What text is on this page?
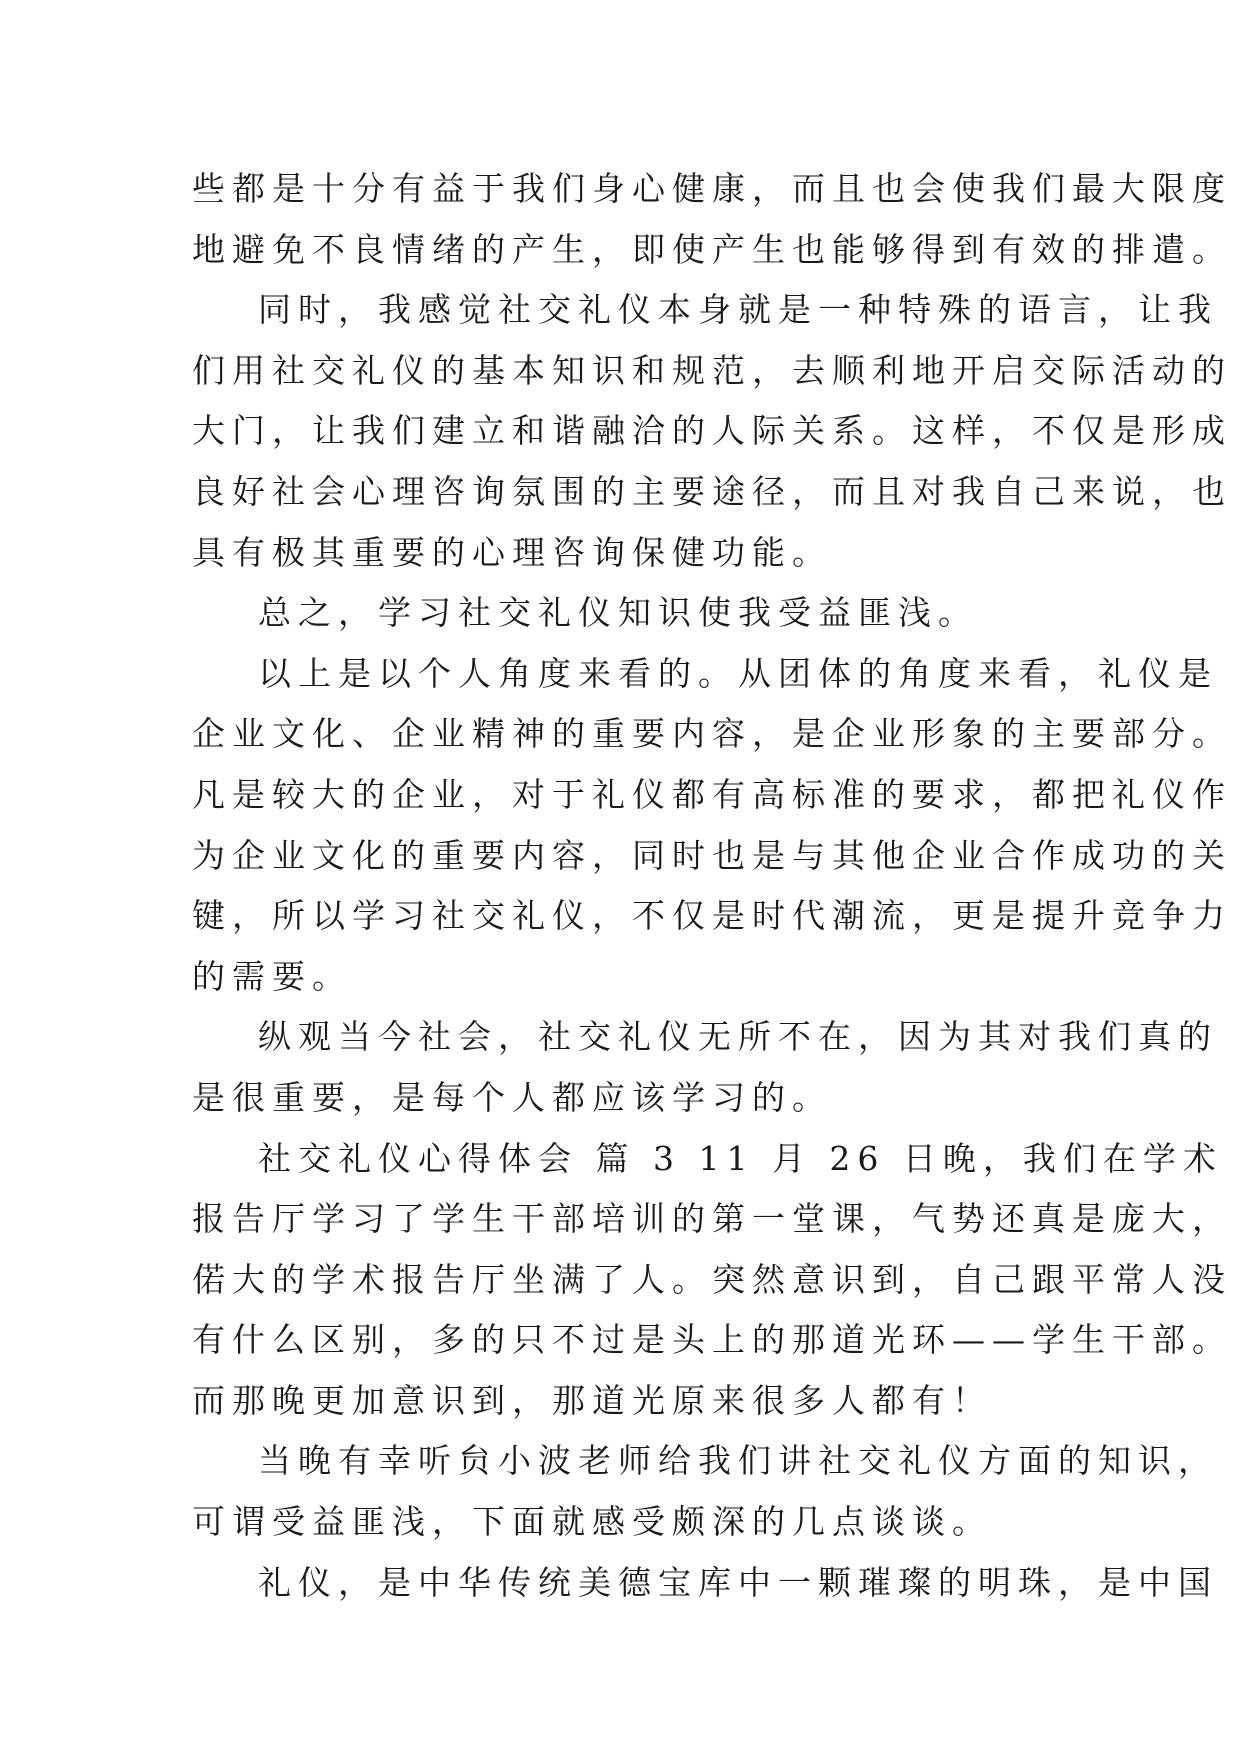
些都是十分有益于我们身心健康，而且也会使我们最大限度
地避免不良情绪的产生，即使产生也能够得到有效的排遣。
同时，我感觉社交礼仪本身就是一种特殊的语言，让我
们用社交礼仪的基本知识和规范，去顺利地开启交际活动的
大门，让我们建立和谐融洽的人际关系。这样，不仅是形成
良好社会心理咨询氛围的主要途径，而且对我自己来说，也
具有极其重要的心理咨询保健功能。
总之，学习社交礼仪知识使我受益匪浅。
以上是以个人角度来看的。从团体的角度来看，礼仪是
企业文化、企业精神的重要内容，是企业形象的主要部分。
凡是较大的企业，对于礼仪都有高标准的要求，都把礼仪作
为企业文化的重要内容，同时也是与其他企业合作成功的关
键，所以学习社交礼仪，不仅是时代潮流，更是提升竞争力
的需要。
纵观当今社会，社交礼仪无所不在，因为其对我们真的
是很重要，是每个人都应该学习的。
社交礼仪心得体会 篇 3 11 月 26 日晚，我们在学术
报告厅学习了学生干部培训的第一堂课，气势还真是庞大，
偌大的学术报告厅坐满了人。突然意识到，自己跟平常人没
有什么区别，多的只不过是头上的那道光环——学生干部。
而那晚更加意识到，那道光原来很多人都有！
当晚有幸听贠小波老师给我们讲社交礼仪方面的知识，
可谓受益匪浅，下面就感受颇深的几点谈谈。
礼仪，是中华传统美德宝库中一颗璀璨的明珠，是中国
